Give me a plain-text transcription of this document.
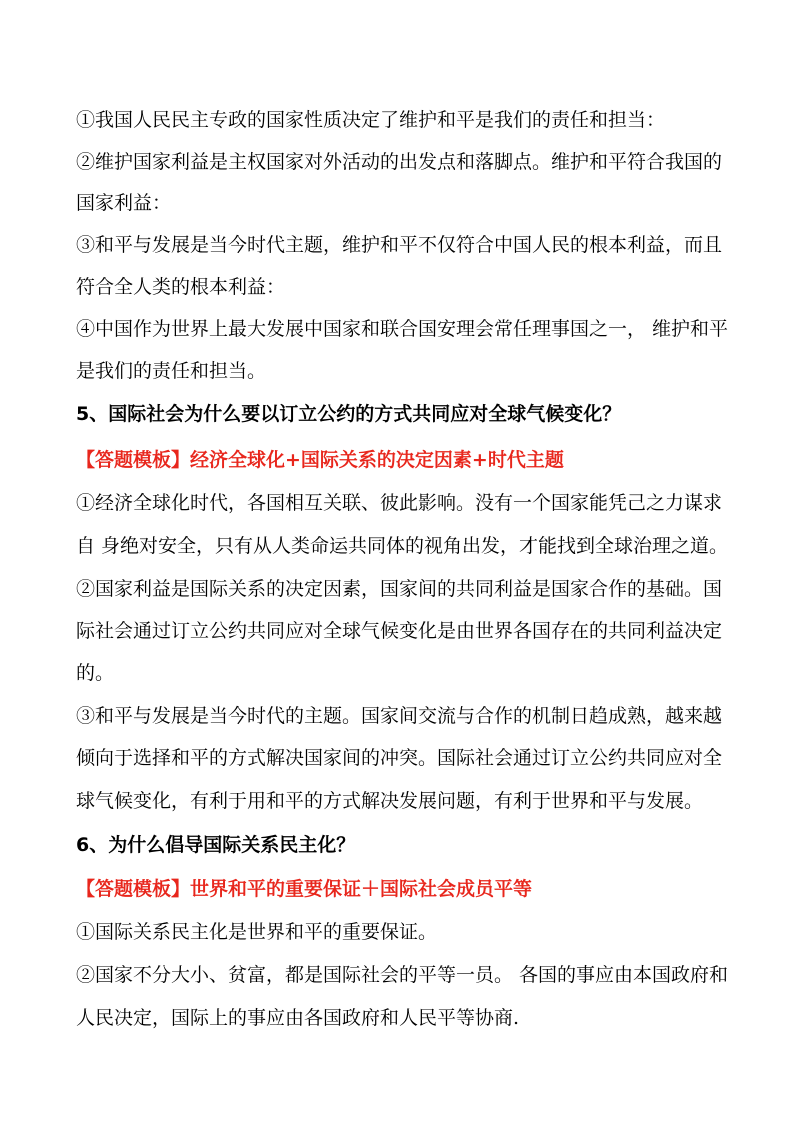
①我国人民民主专政的国家性质决定了维护和平是我们的责任和担当：
②维护国家利益是主权国家对外活动的出发点和落脚点。维护和平符合我国的
国家利益：
③和平与发展是当今时代主题，维护和平不仅符合中国人民的根本利益，而且
符合全人类的根本利益：
④中国作为世界上最大发展中国家和联合国安理会常任理事国之一， 维护和平
是我们的责任和担当。
5、国际社会为什么要以订立公约的方式共同应对全球气候变化？
【答题模板】经济全球化+国际关系的决定因素+时代主题
①经济全球化时代，各国相互关联、彼此影响。没有一个国家能凭己之力谋求
自 身绝对安全，只有从人类命运共同体的视角出发，才能找到全球治理之道。
②国家利益是国际关系的决定因素，国家间的共同利益是国家合作的基础。国
际社会通过订立公约共同应对全球气候变化是由世界各国存在的共同利益决定
的。
③和平与发展是当今时代的主题。国家间交流与合作的机制日趋成熟，越来越
倾向于选择和平的方式解决国家间的冲突。国际社会通过订立公约共同应对全
球气候变化，有利于用和平的方式解决发展问题，有利于世界和平与发展。
6、为什么倡导国际关系民主化？
【答题模板】世界和平的重要保证＋国际社会成员平等
①国际关系民主化是世界和平的重要保证。
②国家不分大小、贫富，都是国际社会的平等一员。 各国的事应由本国政府和
人民决定，国际上的事应由各国政府和人民平等协商.
